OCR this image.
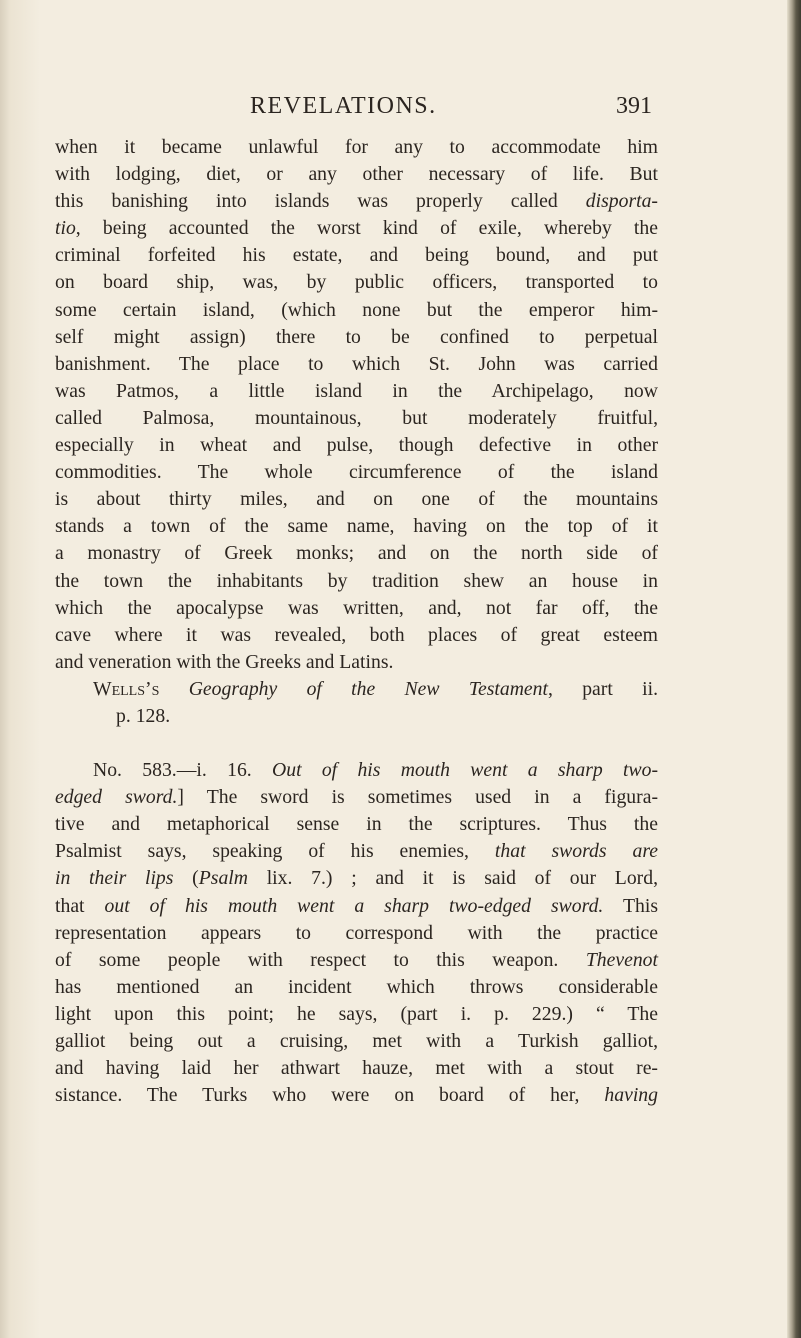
REVELATIONS.	391
when it became unlawful for any to accommodate him
with lodging, diet, or any other necessary of life. But
this banishing into islands was properly called disporta-
tio, being accounted the worst kind of exile, whereby the
criminal forfeited his estate, and being bound, and put
on board ship, was, by public officers, transported to
some certain island, (which none but the emperor him-
self might assign) there to be confined to perpetual
banishment. The place to which St. John was carried
was Patmos, a little island in the Archipelago, now
called Palmosa, mountainous, but moderately fruitful,
especially in wheat and pulse, though defective in other
commodities. The whole circumference of the island
is about thirty miles, and on one of the mountains
stands a town of the same name, having on the top of it
a monastry of Greek monks; and on the north side of
the town the inhabitants by tradition shew an house in
which the apocalypse was written, and, not far off, the
cave where it was revealed, both places of great esteem
and veneration with the Greeks and Latins.
Wells’s Geography of the New Testament, part ii.
p. 128.
No. 583.—i. 16. Out of his mouth went a sharp two-
edged sword.] The sword is sometimes used in a figura-
tive and metaphorical sense in the scriptures. Thus the
Psalmist says, speaking of his enemies, that swords are
in their lips (Psalm lix. 7.) ; and it is said of our Lord,
that out of his mouth went a sharp two-edged sword. This
representation appears to correspond with the practice
of some people with respect to this weapon. Thevenot
has mentioned an incident which throws considerable
light upon this point; he says, (part i. p. 229.) “ The
galliot being out a cruising, met with a Turkish galliot,
and having laid her athwart hauze, met with a stout re-
sistance. The Turks who were on board of her, having
